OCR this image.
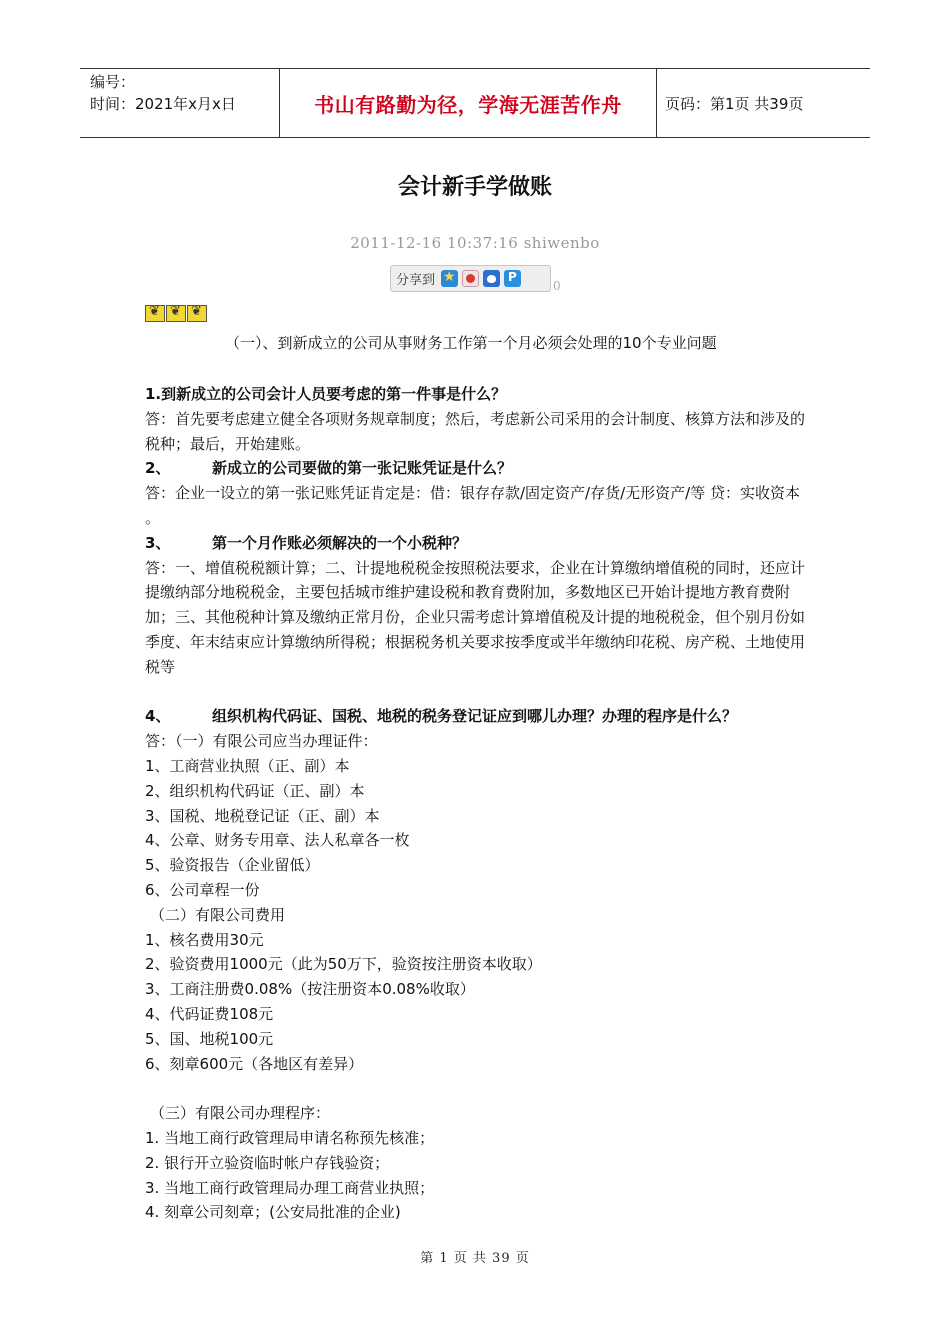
编号：
时间：2021年x月x日	书山有路勤为径，学海无涯苦作舟	页码：第1页 共39页
会计新手学做账
2011-12-16 10:37:16 shiwenbo
分享到 ★ P	0
❦
❦
❦
（一）、到新成立的公司从事财务工作第一个月必须会处理的10个专业问题

1.到新成立的公司会计人员要考虑的第一件事是什么？

答：首先要考虑建立健全各项财务规章制度；然后，考虑新公司采用的会计制度、核算方法和涉及的税种；最后，开始建账。

2、	新成立的公司要做的第一张记账凭证是什么？

答：企业一设立的第一张记账凭证肯定是：借：银存存款/固定资产/存货/无形资产/等 贷：实收资本 。

3、	第一个月作账必须解决的一个小税种？

答：一、增值税税额计算；二、计提地税税金按照税法要求，企业在计算缴纳增值税的同时，还应计提缴纳部分地税税金，主要包括城市维护建设税和教育费附加，多数地区已开始计提地方教育费附加；三、其他税种计算及缴纳正常月份，企业只需考虑计算增值税及计提的地税税金，但个别月份如季度、年末结束应计算缴纳所得税；根据税务机关要求按季度或半年缴纳印花税、房产税、土地使用税等

4、	组织机构代码证、国税、地税的税务登记证应到哪儿办理？办理的程序是什么？

答：（一）有限公司应当办理证件：

1、工商营业执照（正、副）本

2、组织机构代码证（正、副）本

3、国税、地税登记证（正、副）本

4、公章、财务专用章、法人私章各一枚

5、验资报告（企业留低）

6、公司章程一份

（二）有限公司费用

1、核名费用30元

2、验资费用1000元（此为50万下，验资按注册资本收取）

3、工商注册费0.08%（按注册资本0.08%收取）

4、代码证费108元

5、国、地税100元

6、刻章600元（各地区有差异）

（三）有限公司办理程序：

1. 当地工商行政管理局申请名称预先核准；

2. 银行开立验资临时帐户存钱验资；

3. 当地工商行政管理局办理工商营业执照；

4. 刻章公司刻章；(公安局批准的企业)

第 1 页 共 39 页
